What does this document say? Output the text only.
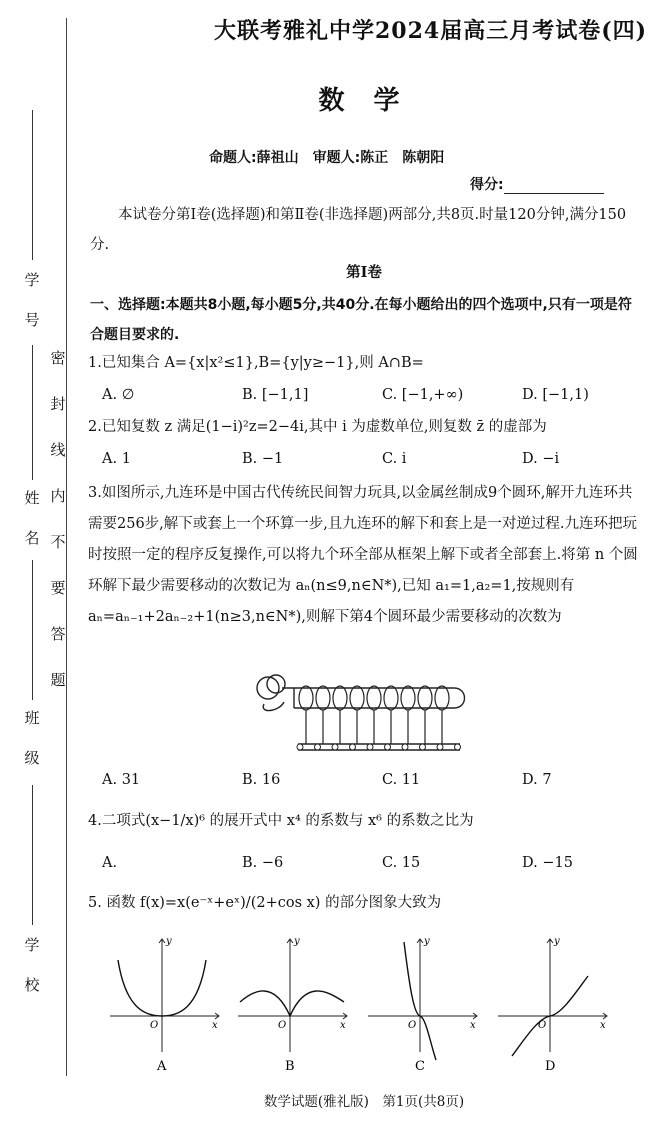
学

号
姓

名
班

级
学

校
密
封
线
内
不
要
答
题
大联考雅礼中学2024届高三月考试卷(四)
数 学
命题人:薛祖山　审题人:陈正　陈朝阳
得分:
本试卷分第Ⅰ卷(选择题)和第Ⅱ卷(非选择题)两部分,共8页.时量120分钟,满分150分.
第Ⅰ卷
一、选择题:本题共8小题,每小题5分,共40分.在每小题给出的四个选项中,只有一项是符合题目要求的.
1.已知集合 A={x|x²≤1},B={y|y≥−1},则 A∩B=
A. ∅	B. [−1,1]	C. [−1,+∞)	D. [−1,1)
2.已知复数 z 满足(1−i)²z=2−4i,其中 i 为虚数单位,则复数 z̄ 的虚部为
A. 1	B. −1	C. i	D. −i
3.如图所示,九连环是中国古代传统民间智力玩具,以金属丝制成9个圆环,解开九连环共需要256步,解下或套上一个环算一步,且九连环的解下和套上是一对逆过程.九连环把玩时按照一定的程序反复操作,可以将九个环全部从框架上解下或者全部套上.将第 n 个圆环解下最少需要移动的次数记为 aₙ(n≤9,n∈N*),已知 a₁=1,a₂=1,按规则有 aₙ=aₙ₋₁+2aₙ₋₂+1(n≥3,n∈N*),则解下第4个圆环最少需要移动的次数为
A. 31	B. 16	C. 11	D. 7
4.二项式(x−1/x)⁶ 的展开式中 x⁴ 的系数与 x⁶ 的系数之比为
A.	B. −6	C. 15	D. −15
5. 函数 f(x)=x(e⁻ˣ+eˣ)/(2+cos x) 的部分图象大致为
y
x
O
A
y
x
O
B
y
x
O
C
y
x
O
D
数学试题(雅礼版)　第1页(共8页)
